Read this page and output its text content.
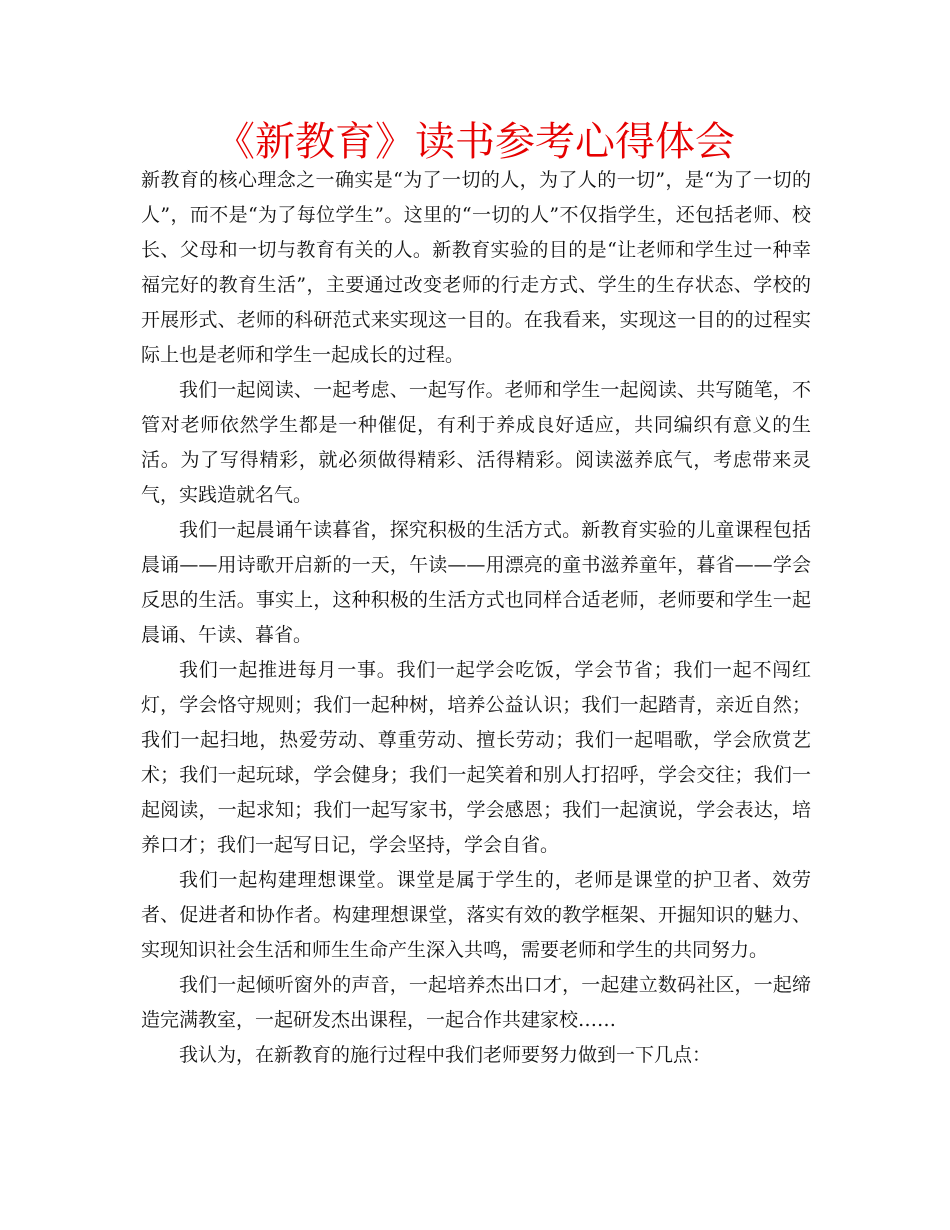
《新教育》读书参考心得体会

新教育的核心理念之一确实是“为了一切的人，为了人的一切”，是“为了一切的人”，而不是“为了每位学生”。这里的“一切的人”不仅指学生，还包括老师、校长、父母和一切与教育有关的人。新教育实验的目的是“让老师和学生过一种幸福完好的教育生活”，主要通过改变老师的行走方式、学生的生存状态、学校的开展形式、老师的科研范式来实现这一目的。在我看来，实现这一目的的过程实际上也是老师和学生一起成长的过程。

我们一起阅读、一起考虑、一起写作。老师和学生一起阅读、共写随笔，不管对老师依然学生都是一种催促，有利于养成良好适应，共同编织有意义的生活。为了写得精彩，就必须做得精彩、活得精彩。阅读滋养底气，考虑带来灵气，实践造就名气。

我们一起晨诵午读暮省，探究积极的生活方式。新教育实验的儿童课程包括晨诵——用诗歌开启新的一天，午读——用漂亮的童书滋养童年，暮省——学会反思的生活。事实上，这种积极的生活方式也同样合适老师，老师要和学生一起晨诵、午读、暮省。

我们一起推进每月一事。我们一起学会吃饭，学会节省；我们一起不闯红灯，学会恪守规则；我们一起种树，培养公益认识；我们一起踏青，亲近自然；我们一起扫地，热爱劳动、尊重劳动、擅长劳动；我们一起唱歌，学会欣赏艺术；我们一起玩球，学会健身；我们一起笑着和别人打招呼，学会交往；我们一起阅读，一起求知；我们一起写家书，学会感恩；我们一起演说，学会表达，培养口才；我们一起写日记，学会坚持，学会自省。

我们一起构建理想课堂。课堂是属于学生的，老师是课堂的护卫者、效劳者、促进者和协作者。构建理想课堂，落实有效的教学框架、开掘知识的魅力、实现知识社会生活和师生生命产生深入共鸣，需要老师和学生的共同努力。

我们一起倾听窗外的声音，一起培养杰出口才，一起建立数码社区，一起缔造完满教室，一起研发杰出课程，一起合作共建家校……

我认为，在新教育的施行过程中我们老师要努力做到一下几点：
